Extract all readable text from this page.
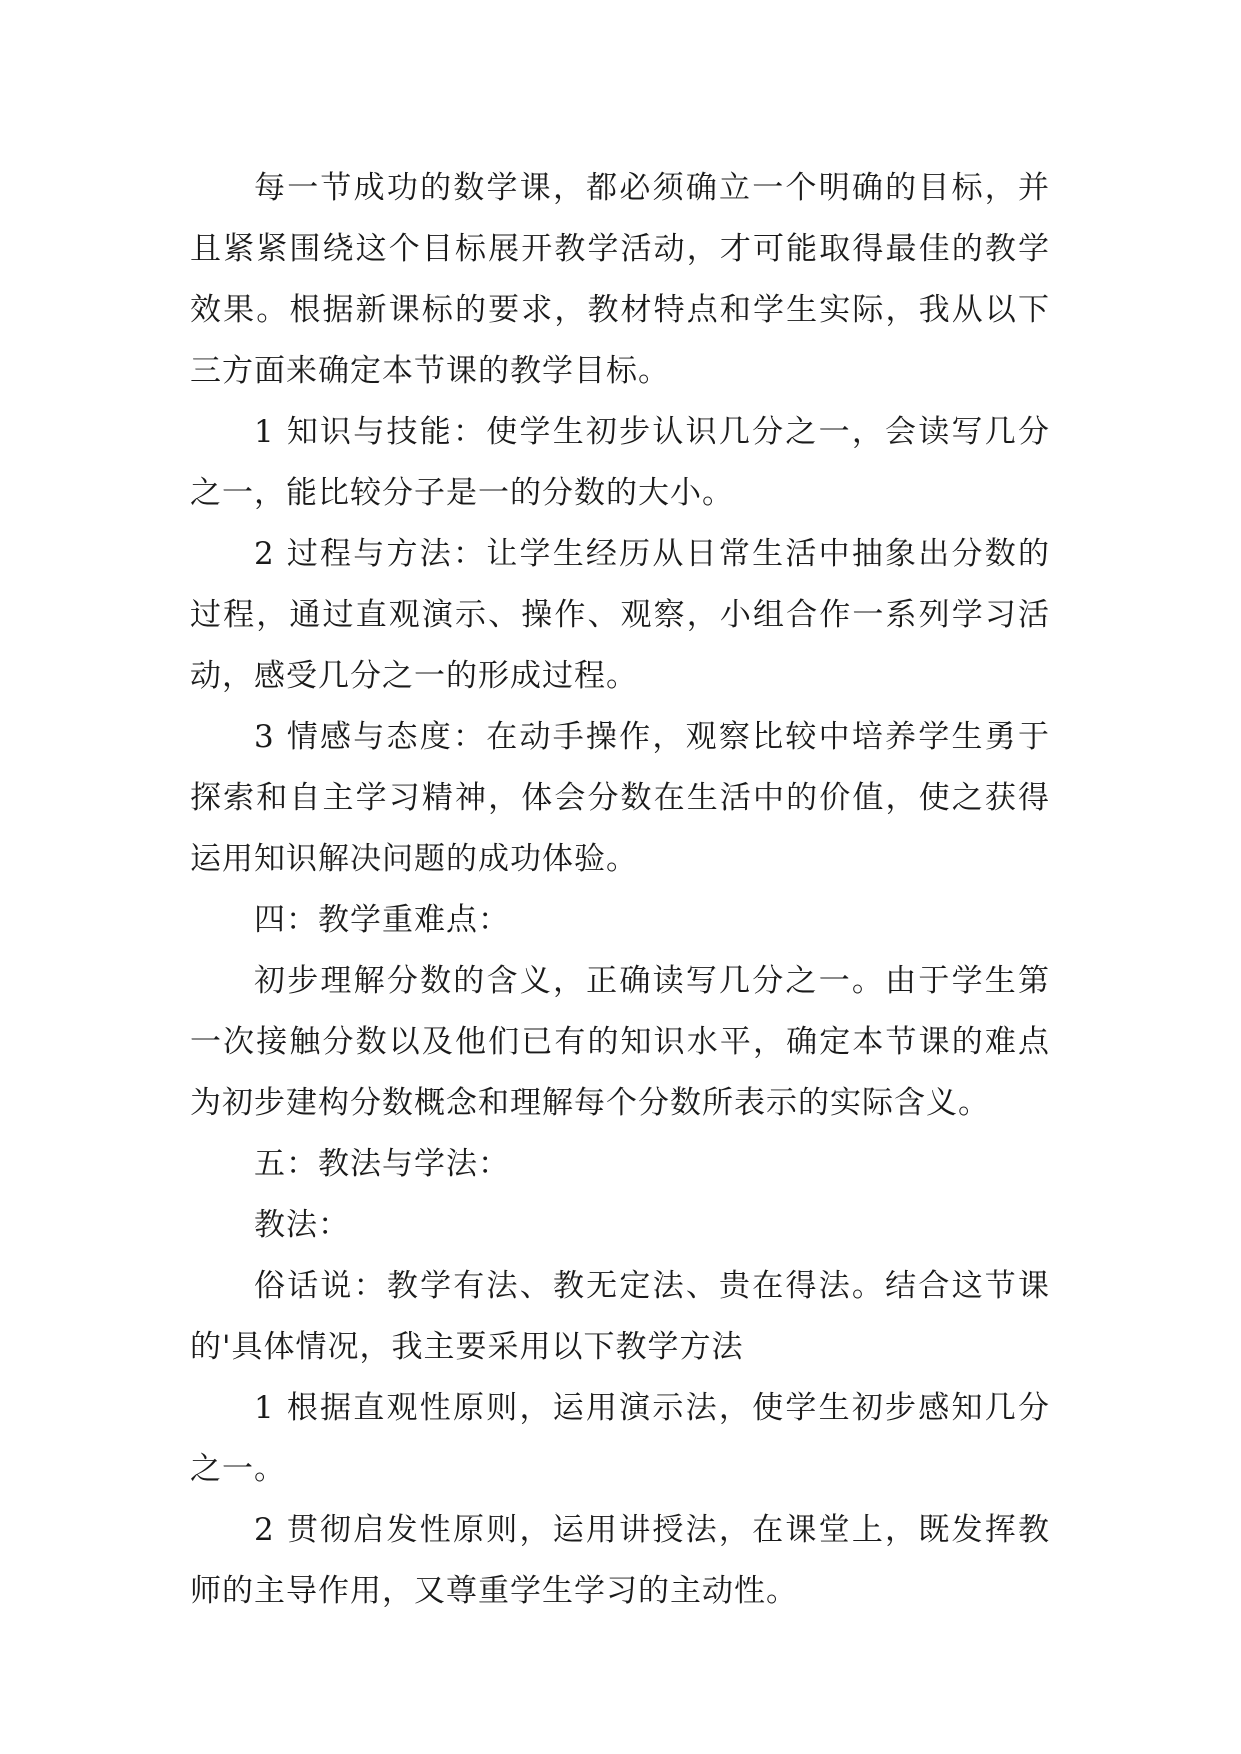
每一节成功的数学课，都必须确立一个明确的目标，并且紧紧围绕这个目标展开教学活动，才可能取得最佳的教学效果。根据新课标的要求，教材特点和学生实际，我从以下三方面来确定本节课的教学目标。

1 知识与技能：使学生初步认识几分之一，会读写几分之一，能比较分子是一的分数的大小。

2 过程与方法：让学生经历从日常生活中抽象出分数的过程，通过直观演示、操作、观察，小组合作一系列学习活动，感受几分之一的形成过程。

3 情感与态度：在动手操作，观察比较中培养学生勇于探索和自主学习精神，体会分数在生活中的价值，使之获得运用知识解决问题的成功体验。

四：教学重难点：

初步理解分数的含义，正确读写几分之一。由于学生第一次接触分数以及他们已有的知识水平，确定本节课的难点为初步建构分数概念和理解每个分数所表示的实际含义。

五：教法与学法：

教法：

俗话说：教学有法、教无定法、贵在得法。结合这节课的'具体情况，我主要采用以下教学方法

1 根据直观性原则，运用演示法，使学生初步感知几分之一。

2 贯彻启发性原则，运用讲授法，在课堂上，既发挥教师的主导作用，又尊重学生学习的主动性。
